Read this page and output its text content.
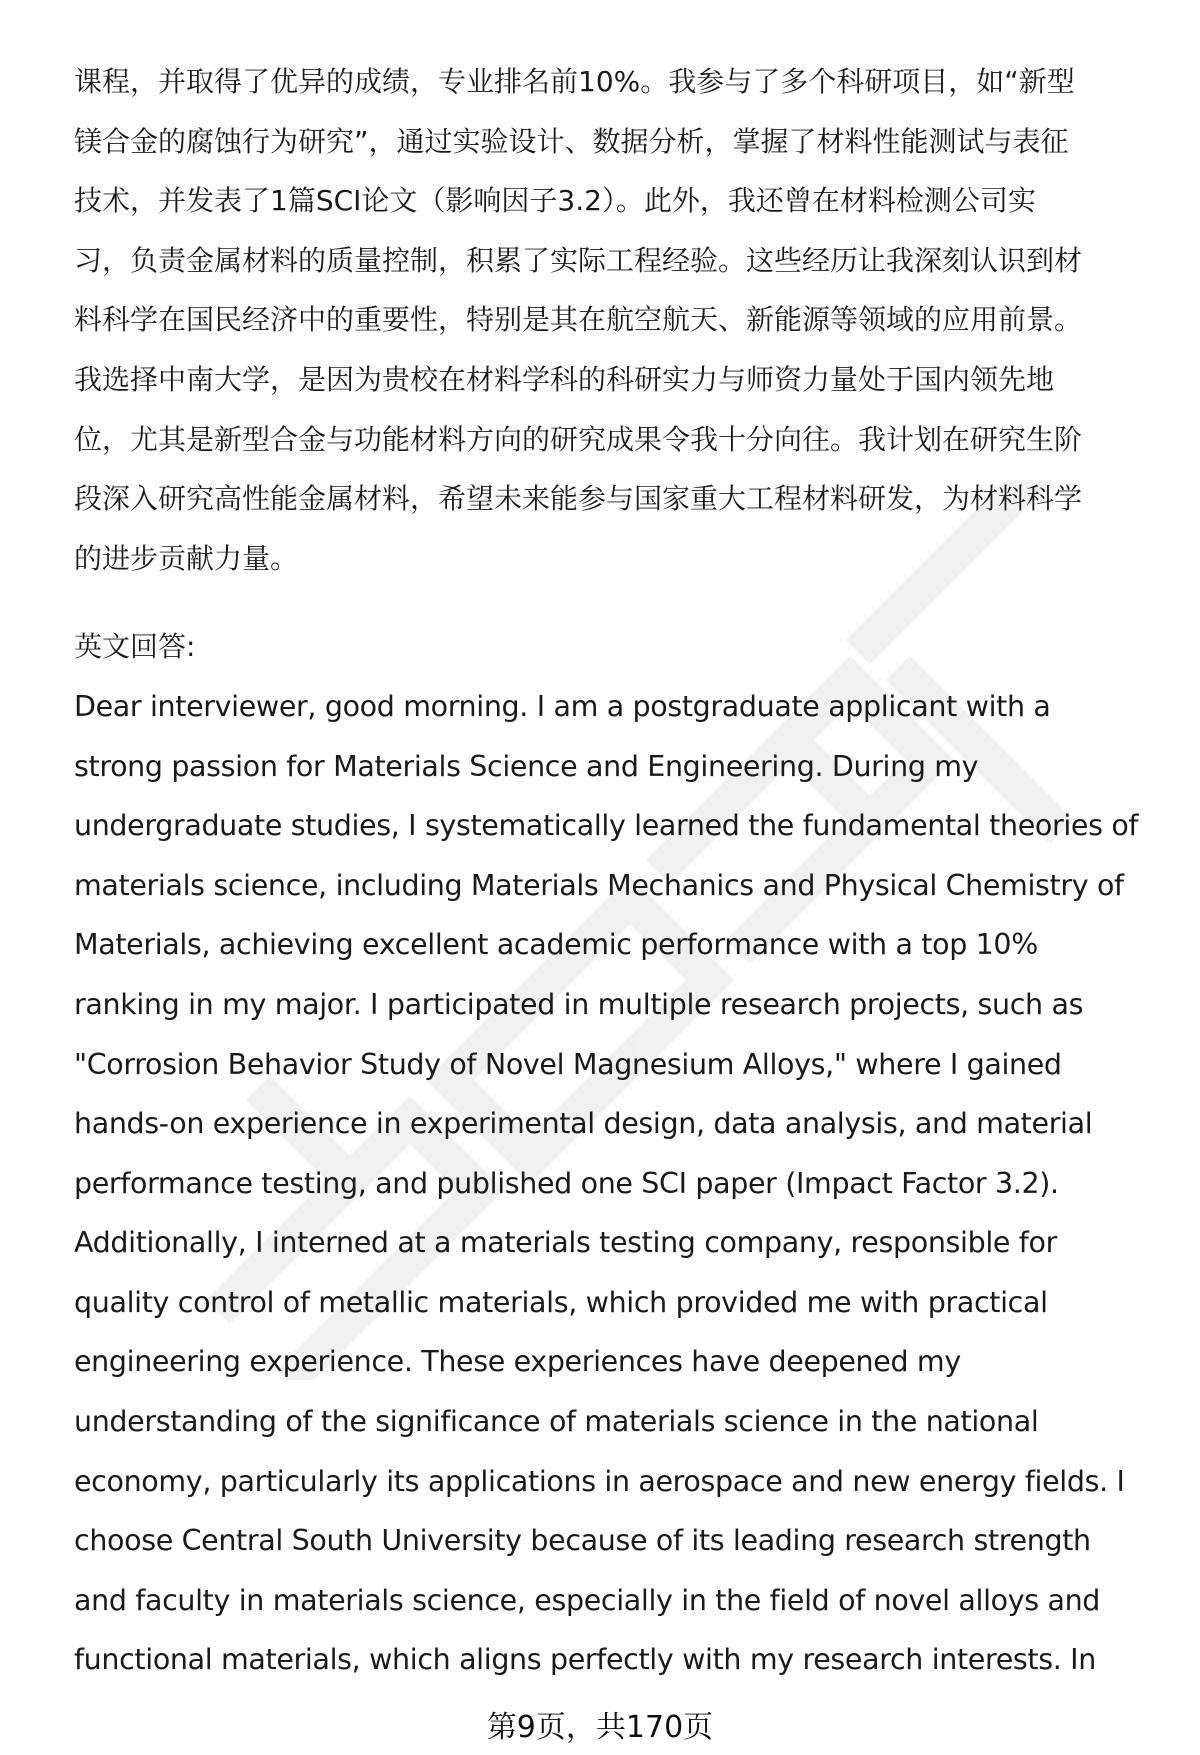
课程，并取得了优异的成绩，专业排名前10%。我参与了多个科研项目，如“新型
镁合金的腐蚀行为研究”，通过实验设计、数据分析，掌握了材料性能测试与表征
技术，并发表了1篇SCI论文（影响因子3.2）。此外，我还曾在材料检测公司实
习，负责金属材料的质量控制，积累了实际工程经验。这些经历让我深刻认识到材
料科学在国民经济中的重要性，特别是其在航空航天、新能源等领域的应用前景。
我选择中南大学，是因为贵校在材料学科的科研实力与师资力量处于国内领先地
位，尤其是新型合金与功能材料方向的研究成果令我十分向往。我计划在研究生阶
段深入研究高性能金属材料，希望未来能参与国家重大工程材料研发，为材料科学
的进步贡献力量。

英文回答:

Dear interviewer, good morning. I am a postgraduate applicant with a
strong passion for Materials Science and Engineering. During my
undergraduate studies, I systematically learned the fundamental theories of
materials science, including Materials Mechanics and Physical Chemistry of
Materials, achieving excellent academic performance with a top 10%
ranking in my major. I participated in multiple research projects, such as
"Corrosion Behavior Study of Novel Magnesium Alloys," where I gained
hands-on experience in experimental design, data analysis, and material
performance testing, and published one SCI paper (Impact Factor 3.2).
Additionally, I interned at a materials testing company, responsible for
quality control of metallic materials, which provided me with practical
engineering experience. These experiences have deepened my
understanding of the significance of materials science in the national
economy, particularly its applications in aerospace and new energy fields. I
choose Central South University because of its leading research strength
and faculty in materials science, especially in the field of novel alloys and
functional materials, which aligns perfectly with my research interests. In

第9页，共170页
